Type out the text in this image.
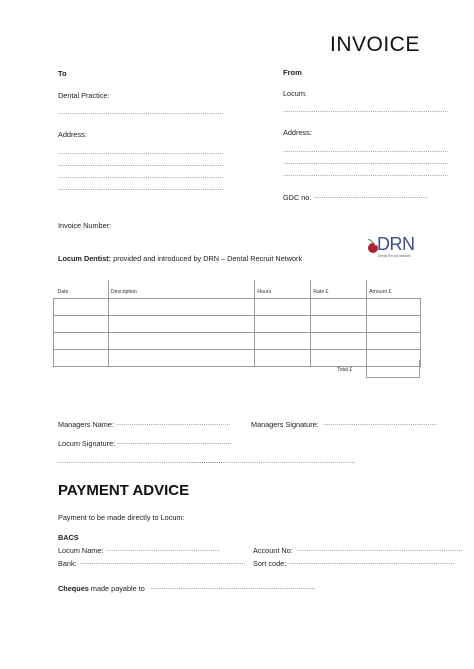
INVOICE
To
Dental Practice:
……………………………………………………………………………
Address:
……………………………………………………………………………
……………………………………………………………………………
……………………………………………………………………………
……………………………………………………………………………
Invoice Number:
From
Locum:
……………………………………………………………………………
Address:
……………………………………………………………………………
……………………………………………………………………………
……………………………………………………………………………
GDC no. ……………………………………………………
Locum Dentist: provided and introduced by DRN – Dental Recruit Network
DRN
Dental Recruit Network
Date	Description	Hours	Rate £	Amount £

Total £
Managers Name: ……………………………………………………	Managers Signature: ……………………………………………………
Locum Signature: ……………………………………………………
……………………………………………………………………………
……………………………………………………………………………
PAYMENT ADVICE
Payment to be made directly to Locum:
BACS
Locum Name: ……………………………………………………
Bank: ……………………………………………………………………………
Account No: ……………………………………………………………………………
Sort code: ……………………………………………………………………………
Cheques made payable to ……………………………………………………………………………
